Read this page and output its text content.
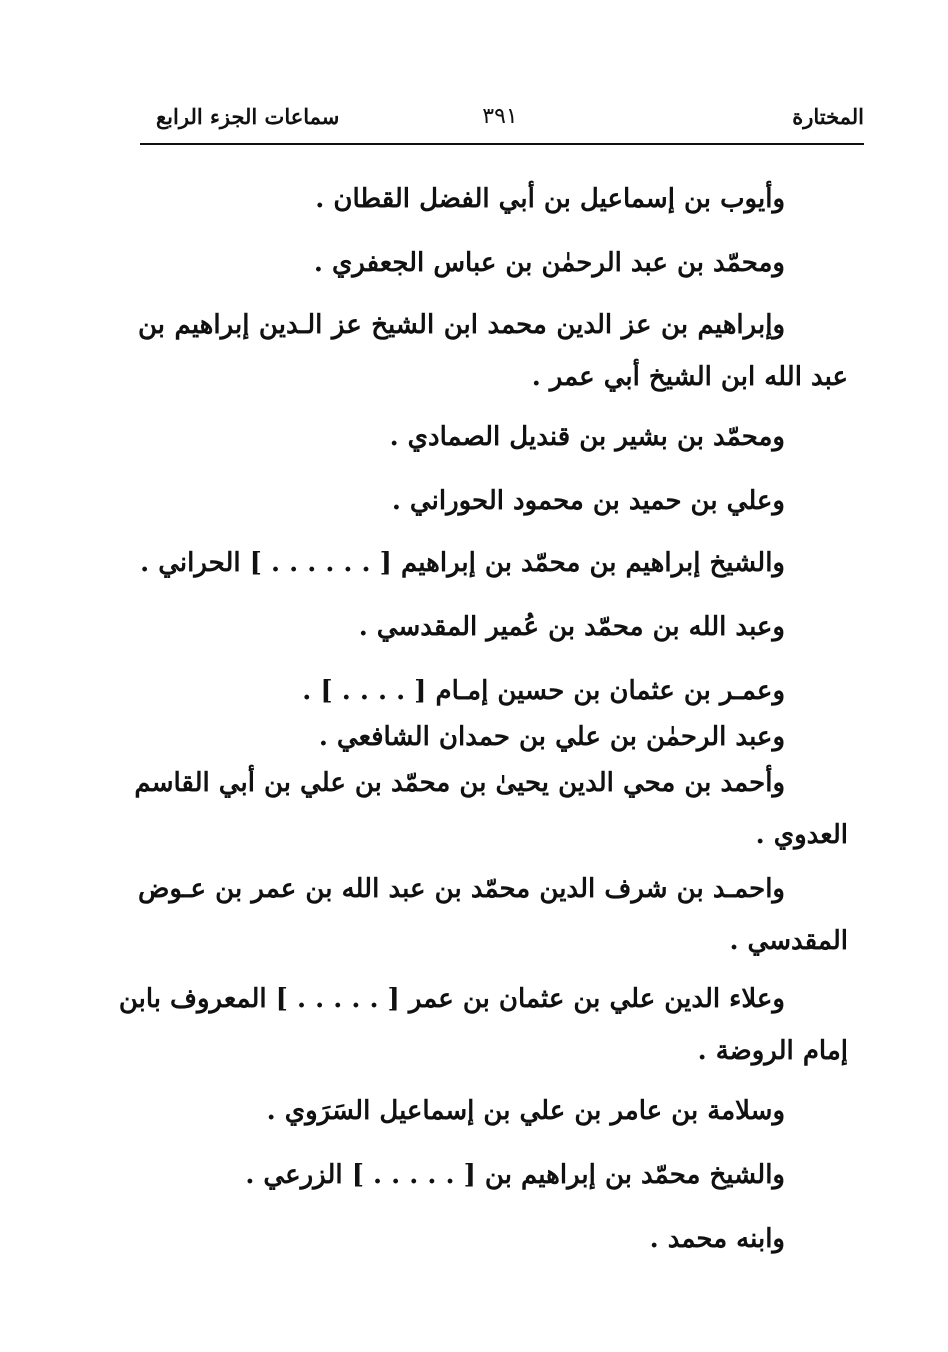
المختارة
٣٩١
سماعات الجزء الرابع
وأيوب بن إسماعيل بن أبي الفضل القطان .
ومحمّد بن عبد الرحمٰن بن عباس الجعفري .
وإبراهيم بن عز الدين محمد ابن الشيخ عز الـدين إبراهيم بن
عبد الله ابن الشيخ أبي عمر .
ومحمّد بن بشير بن قنديل الصمادي .
وعلي بن حميد بن محمود الحوراني .
والشيخ إبراهيم بن محمّد بن إبراهيم [ . . . . . . ] الحراني .
وعبد الله بن محمّد بن عُمير المقدسي .
وعمـر بن عثمان بن حسين إمـام [ . . . . ] .
وعبد الرحمٰن بن علي بن حمدان الشافعي .
وأحمد بن محي الدين يحيىٰ بن محمّد بن علي بن أبي القاسم
العدوي .
واحمـد بن شرف الدين محمّد بن عبد الله بن عمر بن عـوض
المقدسي .
وعلاء الدين علي بن عثمان بن عمر [ . . . . . ] المعروف بابن
إمام الروضة .
وسلامة بن عامر بن علي بن إسماعيل السَرَوي .
والشيخ محمّد بن إبراهيم بن [ . . . . . ] الزرعي .
وابنه محمد .
